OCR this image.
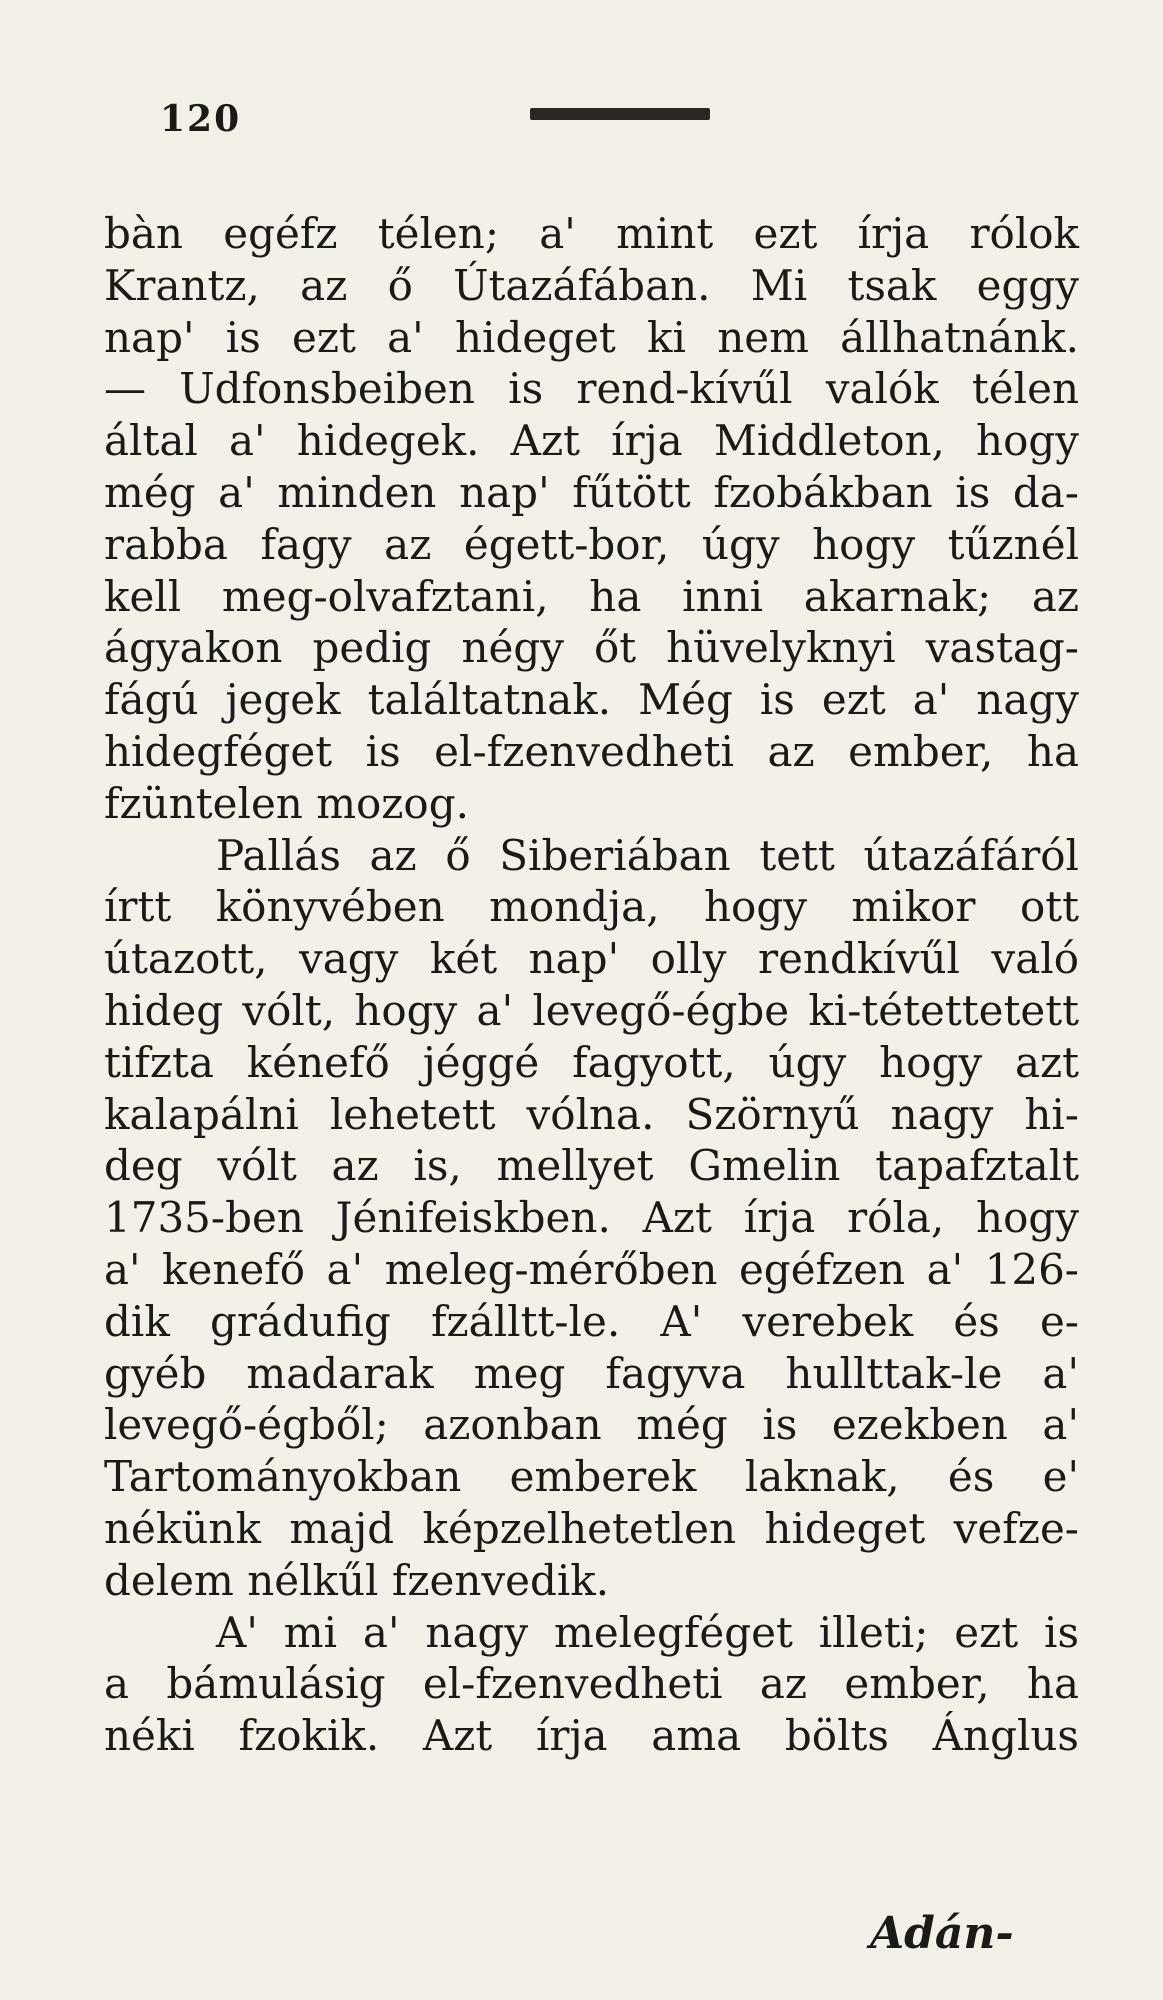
120
bàn egéfz télen; a' mint ezt írja rólok
Krantz, az ő Útazáfában. Mi tsak eggy
nap' is ezt a' hideget ki nem állhatnánk.
— Udfonsbeiben is rend-kívűl valók télen
által a' hidegek. Azt írja Middleton, hogy
még a' minden nap' fűtött fzobákban is da-
rabba fagy az égett-bor, úgy hogy tűznél
kell meg-olvafztani, ha inni akarnak; az
ágyakon pedig négy őt hüvelyknyi vastag-
fágú jegek találtatnak. Még is ezt a' nagy
hidegféget is el-fzenvedheti az ember, ha
fzüntelen mozog.
Pallás az ő Siberiában tett útazáfáról
írtt könyvében mondja, hogy mikor ott
útazott, vagy két nap' olly rendkívűl való
hideg vólt, hogy a' levegő-égbe ki-tétettetett
tifzta kénefő jéggé fagyott, úgy hogy azt
kalapálni lehetett vólna. Szörnyű nagy hi-
deg vólt az is, mellyet Gmelin tapafztalt
1735-ben Jénifeiskben. Azt írja róla, hogy
a' kenefő a' meleg-mérőben egéfzen a' 126-
dik grádufig fzálltt-le. A' verebek és e-
gyéb madarak meg fagyva hullttak-le a'
levegő-égből; azonban még is ezekben a'
Tartományokban emberek laknak, és e'
nékünk majd képzelhetetlen hideget vefze-
delem nélkűl fzenvedik.
A' mi a' nagy melegféget illeti; ezt is
a bámulásig el-fzenvedheti az ember, ha
néki fzokik. Azt írja ama bölts Ánglus
Adán-
